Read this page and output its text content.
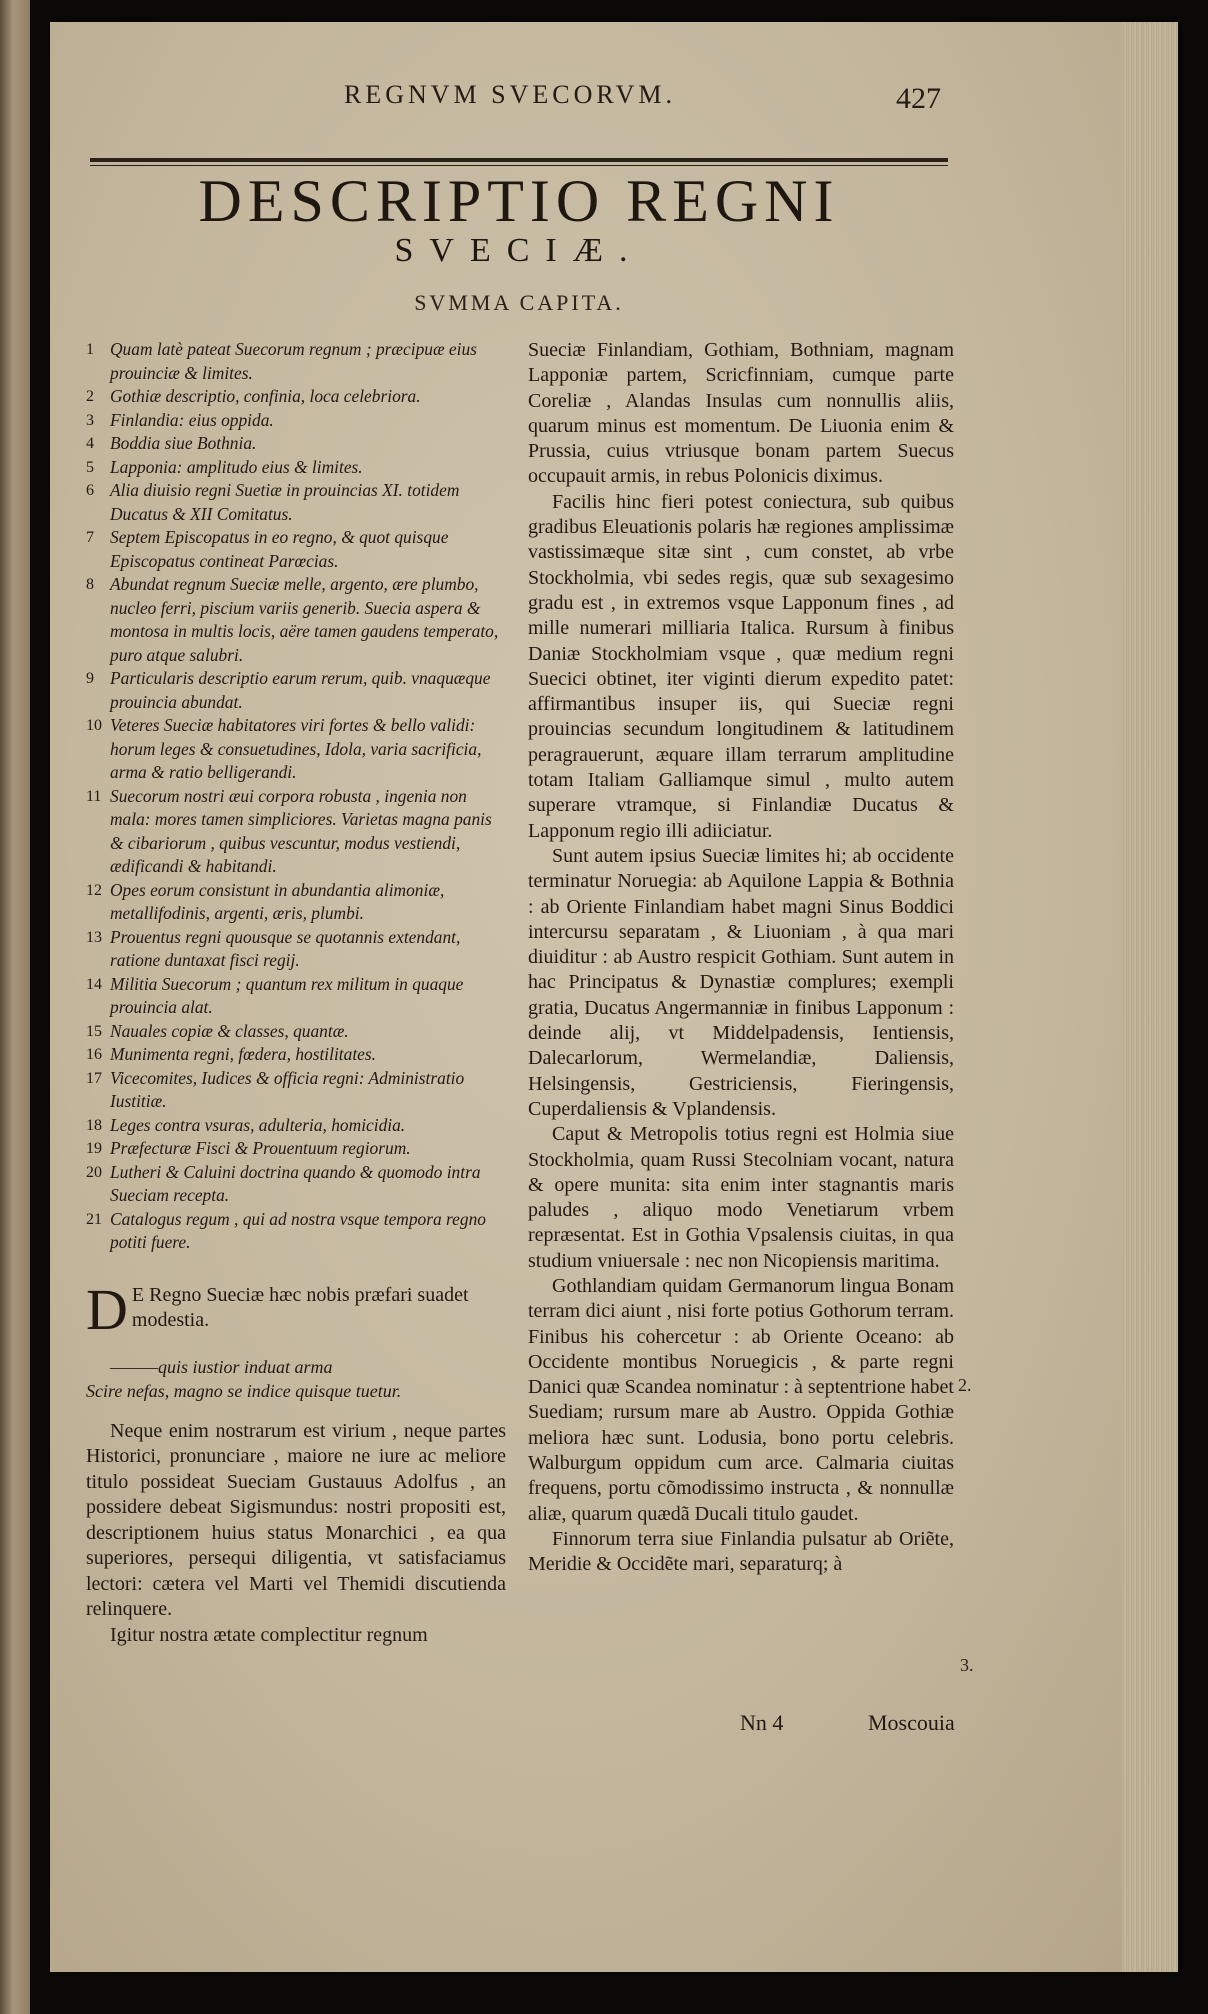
REGNVM SVECORVM.	427
DESCRIPTIO REGNI
SVECIÆ.
SVMMA CAPITA.
1 Quam latè pateat Suecorum regnum ; præcipuæ eius prouinciæ & limites.
2 Gothiæ descriptio, confinia, loca celebriora.
3 Finlandia: eius oppida.
4 Boddia siue Bothnia.
5 Lapponia: amplitudo eius & limites.
6 Alia diuisio regni Suetiæ in prouincias XI. totidem Ducatus & XII Comitatus.
7 Septem Episcopatus in eo regno, & quot quisque Episcopatus contineat Parœcias.
8 Abundat regnum Sueciæ melle, argento, ære plumbo, nucleo ferri, piscium variis generib. Suecia aspera & montosa in multis locis, aëre tamen gaudens temperato, puro atque salubri.
9 Particularis descriptio earum rerum, quib. vnaquæque prouincia abundat.
10 Veteres Sueciæ habitatores viri fortes & bello validi: horum leges & consuetudines, Idola, varia sacrificia, arma & ratio belligerandi.
11 Suecorum nostri æui corpora robusta , ingenia non mala: mores tamen simpliciores. Varietas magna panis & cibariorum , quibus vescuntur, modus vestiendi, ædificandi & habitandi.
12 Opes eorum consistunt in abundantia alimoniæ, metallifodinis, argenti, æris, plumbi.
13 Prouentus regni quousque se quotannis extendant, ratione duntaxat fisci regij.
14 Militia Suecorum ; quantum rex militum in quaque prouincia alat.
15 Nauales copiæ & classes, quantæ.
16 Munimenta regni, fœdera, hostilitates.
17 Vicecomites, Iudices & officia regni: Administratio Iustitiæ.
18 Leges contra vsuras, adulteria, homicidia.
19 Præfecturæ Fisci & Prouentuum regiorum.
20 Lutheri & Caluini doctrina quando & quomodo intra Sueciam recepta.
21 Catalogus regum , qui ad nostra vsque tempora regno potiti fuere.
D E Regno Sueciæ hæc nobis præfari suadet modestia.
———quis iustior induat arma
Scire nefas, magno se indice quisque tuetur.

Neque enim nostrarum est virium , neque partes Historici, pronunciare , maiore ne iure ac meliore titulo possideat Sueciam Gustauus Adolfus , an possidere debeat Sigismundus: nostri propositi est, descriptionem huius status Monarchici , ea qua superiores, persequi diligentia, vt satisfaciamus lectori: cætera vel Marti vel Themidi discutienda relinquere.

Igitur nostra ætate complectitur regnum

Sueciæ Finlandiam, Gothiam, Bothniam, magnam Lapponiæ partem, Scricfinniam, cumque parte Coreliæ , Alandas Insulas cum nonnullis aliis, quarum minus est momentum. De Liuonia enim & Prussia, cuius vtriusque bonam partem Suecus occupauit armis, in rebus Polonicis diximus.

Facilis hinc fieri potest coniectura, sub quibus gradibus Eleuationis polaris hæ regiones amplissimæ vastissimæque sitæ sint , cum constet, ab vrbe Stockholmia, vbi sedes regis, quæ sub sexagesimo gradu est , in extremos vsque Lapponum fines , ad mille numerari milliaria Italica. Rursum à finibus Daniæ Stockholmiam vsque , quæ medium regni Suecici obtinet, iter viginti dierum expedito patet: affirmantibus insuper iis, qui Sueciæ regni prouincias secundum longitudinem & latitudinem peragrauerunt, æquare illam terrarum amplitudine totam Italiam Galliamque simul , multo autem superare vtramque, si Finlandiæ Ducatus & Lapponum regio illi adiiciatur.

Sunt autem ipsius Sueciæ limites hi; ab occidente terminatur Noruegia: ab Aquilone Lappia & Bothnia : ab Oriente Finlandiam habet magni Sinus Boddici intercursu separatam , & Liuoniam , à qua mari diuiditur : ab Austro respicit Gothiam. Sunt autem in hac Principatus & Dynastiæ complures; exempli gratia, Ducatus Angermanniæ in finibus Lapponum : deinde alij, vt Middelpadensis, Ientiensis, Dalecarlorum, Wermelandiæ, Daliensis, Helsingensis, Gestriciensis, Fieringensis, Cuperdaliensis & Vplandensis.

Caput & Metropolis totius regni est Holmia siue Stockholmia, quam Russi Stecolniam vocant, natura & opere munita: sita enim inter stagnantis maris paludes , aliquo modo Venetiarum vrbem repræsentat. Est in Gothia Vpsalensis ciuitas, in qua studium vniuersale : nec non Nicopiensis maritima.

Gothlandiam quidam Germanorum lingua Bonam terram dici aiunt , nisi forte potius Gothorum terram. Finibus his cohercetur : ab Oriente Oceano: ab Occidente montibus Noruegicis , & parte regni Danici quæ Scandea nominatur : à septentrione habet Suediam; rursum mare ab Austro. Oppida Gothiæ meliora hæc sunt. Lodusia, bono portu celebris. Walburgum oppidum cum arce. Calmaria ciuitas frequens, portu cõmodissimo instructa , & nonnullæ aliæ, quarum quædã Ducali titulo gaudet.

Finnorum terra siue Finlandia pulsatur ab Oriẽte, Meridie & Occidẽte mari, separaturq; à

2.
3.
Nn 4	Moscouia
